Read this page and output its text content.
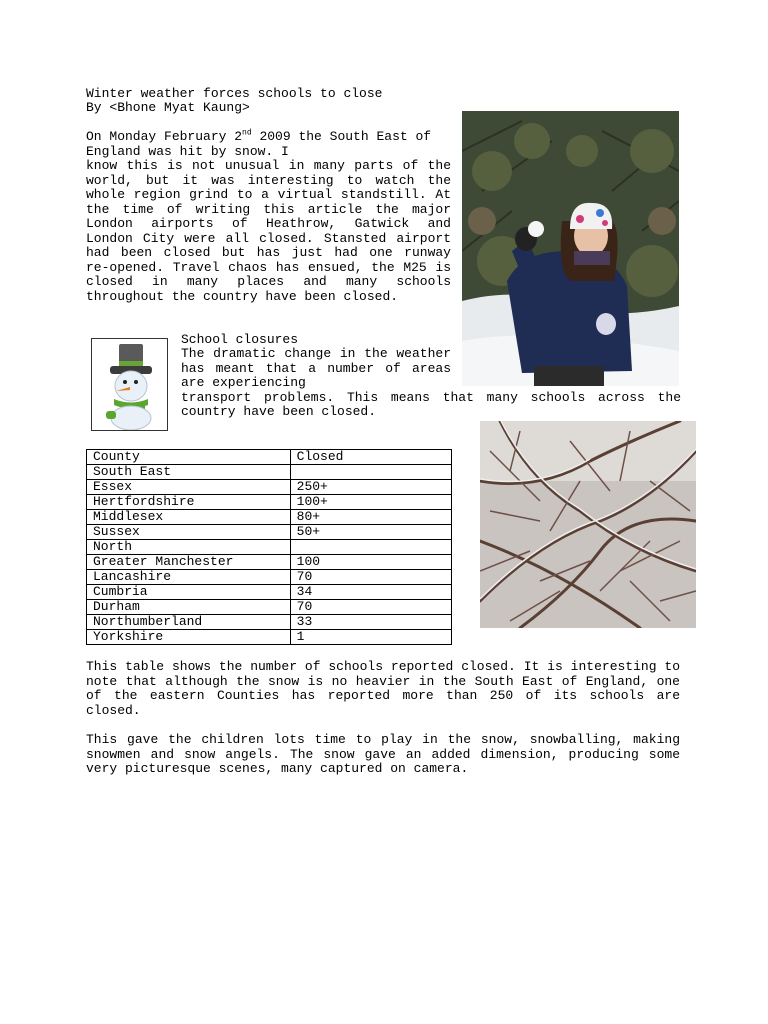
Winter weather forces schools to close
By <Bhone Myat Kaung>
On Monday February 2nd 2009 the South East of England was hit by snow. I
know this is not unusual in many parts of the world, but it was interesting to watch the whole region grind to a virtual standstill. At the time of writing this article the major London airports of Heathrow, Gatwick and London City were all closed. Stansted airport had been closed but has just had one runway re-opened. Travel chaos has ensued, the M25 is closed in many places and many schools throughout the country have been closed.
School closures
The dramatic change in the weather has meant that a number of areas are experiencing
transport problems. This means that many schools across the
country have been closed.
County	Closed
South East	
Essex	250+
Hertfordshire	100+
Middlesex	80+
Sussex	50+
North	
Greater Manchester	100
Lancashire	70
Cumbria	34
Durham	70
Northumberland	33
Yorkshire	1
This table shows the number of schools reported closed. It is interesting to note that although the snow is no heavier in the South East of England, one of the eastern Counties has reported more than 250 of its schools are closed.
This gave the children lots time to play in the snow, snowballing, making snowmen and snow angels. The snow gave an added dimension, producing some very picturesque scenes, many captured on camera.
